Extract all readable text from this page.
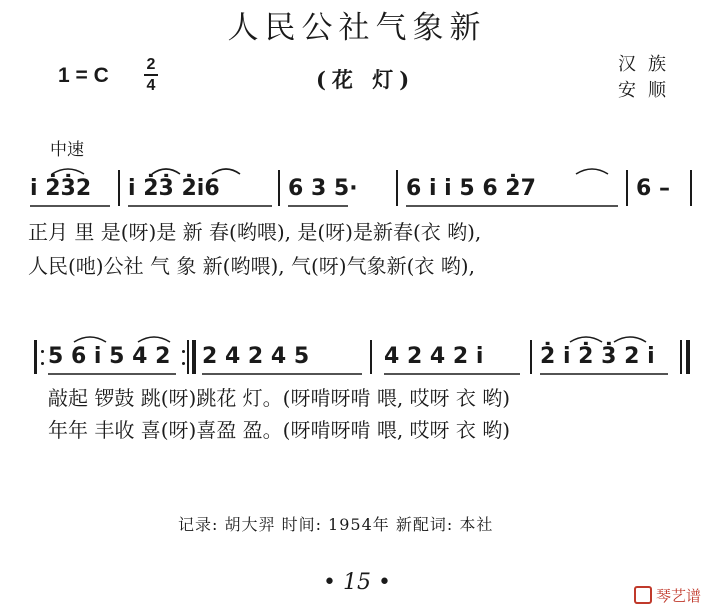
人民公社气象新
1 = C 2
4	(花 灯)
汉族
安顺
中速
i 2̇3̇2 i 2̇3̇ 2̇i6	6 3 5· 6 i i 5 6 2̇7	6 –
正月 里 是(呀)是 新 春(哟喂), 是(呀)是新春(衣 哟),
人民(吔)公社 气 象 新(哟喂), 气(呀)气象新(衣 哟),
5 6 i 5 4 2 2 4 2 4 5	4 2 4 2 i	2̇ i 2̇ 3̇ 2 i
敲起 锣鼓 跳(呀)跳花 灯。(呀啃呀啃 喂, 哎呀 衣 哟)
年年 丰收 喜(呀)喜盈 盈。(呀啃呀啃 喂, 哎呀 衣 哟)
记录: 胡大羿 时间: 1954年 新配词: 本社
• 15 •
琴艺谱
